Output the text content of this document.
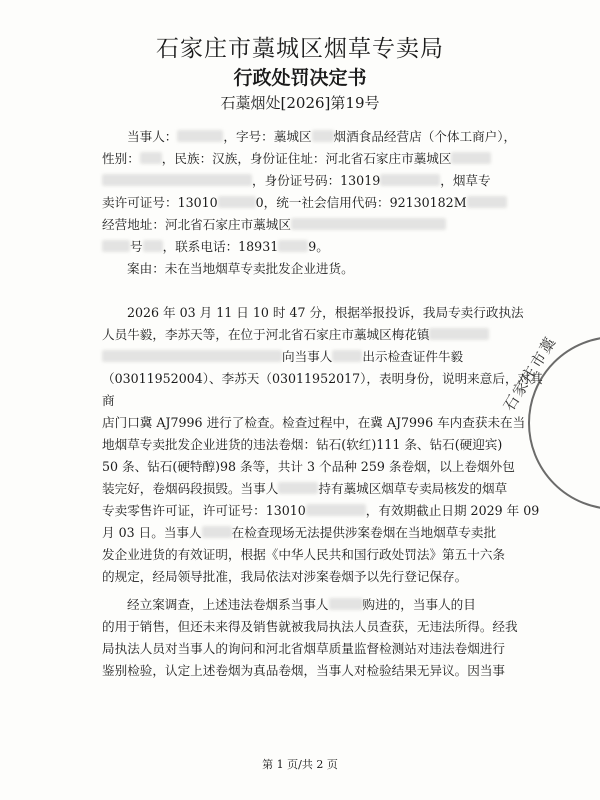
石家庄市藁城区烟草专卖局
行政处罚决定书
石藁烟处[2026]第19号
当事人：	，字号：藁城区 烟酒食品经营店（个体工商户），
性别： ，民族：汉族，身份证住址：河北省石家庄市藁城区
，身份证号码：13019	，烟草专
卖许可证号：13010	0，统一社会信用代码：92130182M
经营地址：河北省石家庄市藁城区
号 ，联系电话：18931 9。
案由：未在当地烟草专卖批发企业进货。
2026 年 03 月 11 日 10 时 47 分，根据举报投诉，我局专卖行政执法
人员牛毅，李苏天等，在位于河北省石家庄市藁城区梅花镇
向当事人 出示检查证件牛毅
（03011952004）、李苏天（03011952017），表明身份，说明来意后，对其商
店门口冀 AJ7996 进行了检查。检查过程中，在冀 AJ7996 车内查获未在当
地烟草专卖批发企业进货的违法卷烟：钻石(软红)111 条、钻石(硬迎宾)
50 条、钻石(硬特醇)98 条等，共计 3 个品种 259 条卷烟，以上卷烟外包
装完好，卷烟码段损毁。当事人	持有藁城区烟草专卖局核发的烟草
专卖零售许可证，许可证号：13010	，有效期截止日期 2029 年 09
月 03 日。当事人 在检查现场无法提供涉案卷烟在当地烟草专卖批
发企业进货的有效证明，根据《中华人民共和国行政处罚法》第五十六条
的规定，经局领导批准，我局依法对涉案卷烟予以先行登记保存。
经立案调查，上述违法卷烟系当事人	购进的，当事人的目
的用于销售，但还未来得及销售就被我局执法人员查获，无违法所得。经我
局执法人员对当事人的询问和河北省烟草质量监督检测站对违法卷烟进行
鉴别检验，认定上述卷烟为真品卷烟，当事人对检验结果无异议。因当事
石家庄市藁
第 1 页/共 2 页
